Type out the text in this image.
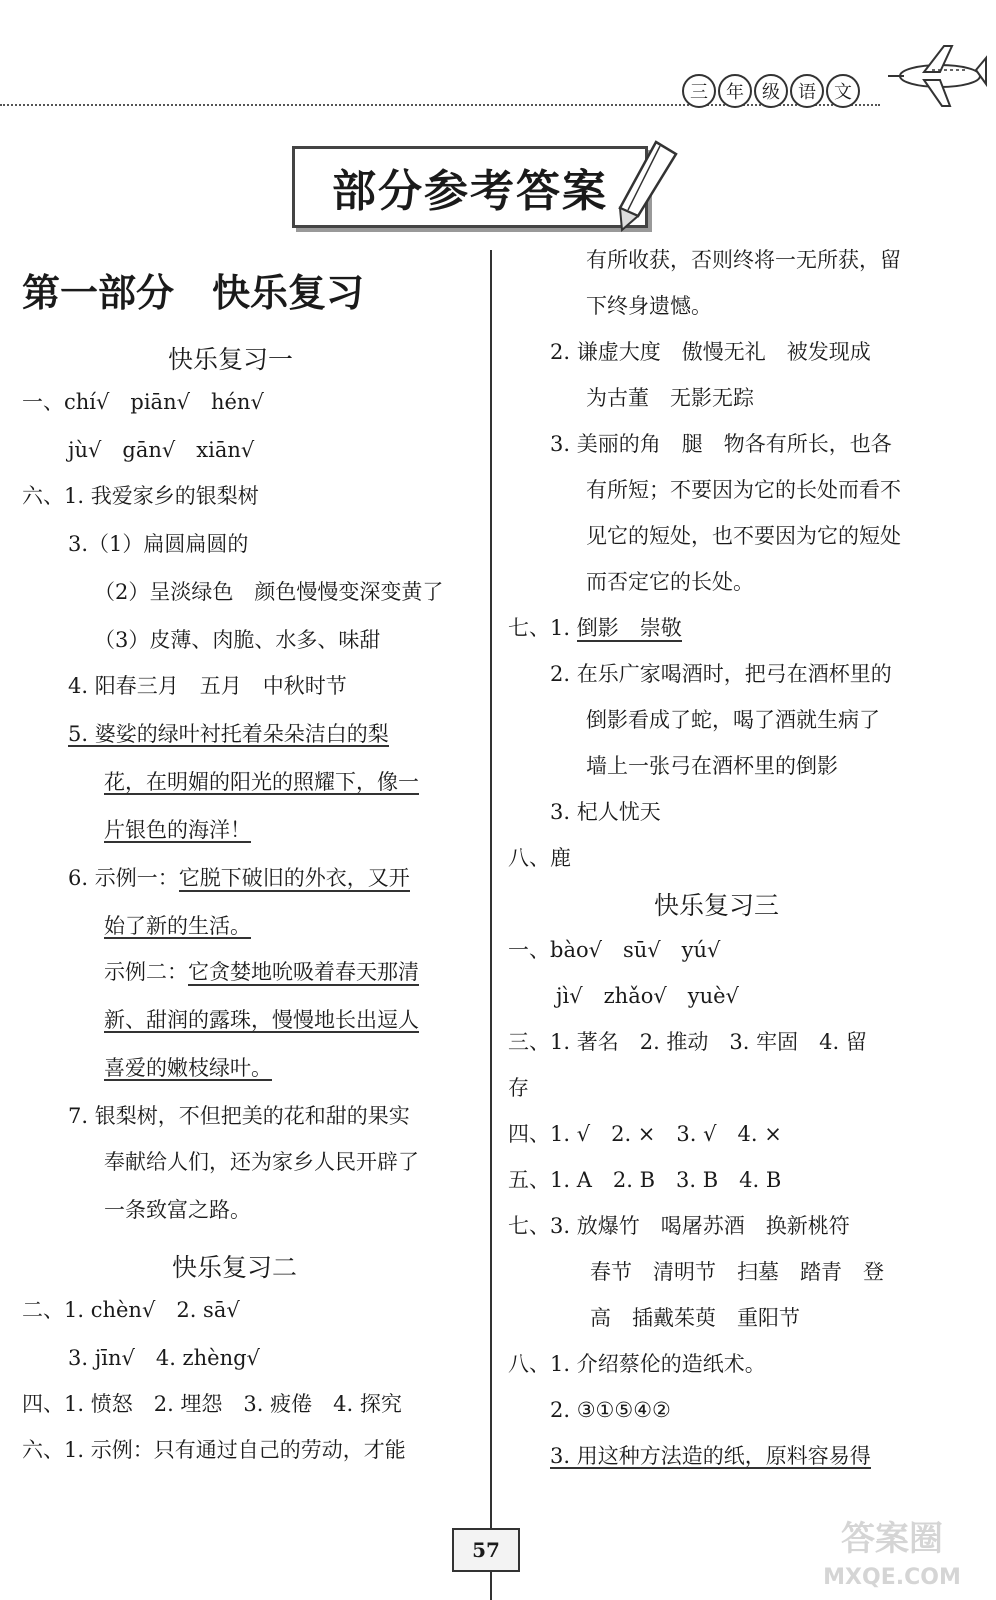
三	年	级	语	文
部分参考答案
第一部分　快乐复习
快乐复习一
一、chí√　piān√　hén√
jù√　gān√　xiān√
六、1. 我爱家乡的银梨树
3.（1）扁圆扁圆的
（2）呈淡绿色　颜色慢慢变深变黄了
（3）皮薄、肉脆、水多、味甜
4. 阳春三月　五月　中秋时节
5. 婆娑的绿叶衬托着朵朵洁白的梨
花，在明媚的阳光的照耀下，像一
片银色的海洋！
6. 示例一：它脱下破旧的外衣，又开
始了新的生活。
示例二：它贪婪地吮吸着春天那清
新、甜润的露珠，慢慢地长出逗人
喜爱的嫩枝绿叶。
7. 银梨树，不但把美的花和甜的果实
奉献给人们，还为家乡人民开辟了
一条致富之路。
快乐复习二
二、1. chèn√　2. sā√
3. jīn√　4. zhèng√
四、1. 愤怒　2. 埋怨　3. 疲倦　4. 探究
六、1. 示例：只有通过自己的劳动，才能
有所收获，否则终将一无所获，留
下终身遗憾。
2. 谦虚大度　傲慢无礼　被发现成
为古董　无影无踪
3. 美丽的角　腿　物各有所长，也各
有所短；不要因为它的长处而看不
见它的短处，也不要因为它的短处
而否定它的长处。
七、1. 倒影　崇敬
2. 在乐广家喝酒时，把弓在酒杯里的
倒影看成了蛇，喝了酒就生病了
墙上一张弓在酒杯里的倒影
3. 杞人忧天
八、鹿
快乐复习三
一、bào√　sū√　yú√
jì√　zhǎo√　yuè√
三、1. 著名　2. 推动　3. 牢固　4. 留
存
四、1. √　2. ×　3. √　4. ×
五、1. A　2. B　3. B　4. B
七、3. 放爆竹　喝屠苏酒　换新桃符
春节　清明节　扫墓　踏青　登
高　插戴茱萸　重阳节
八、1. 介绍蔡伦的造纸术。
2. ③①⑤④②
3. 用这种方法造的纸，原料容易得
57	答案圈
MXQE.COM
